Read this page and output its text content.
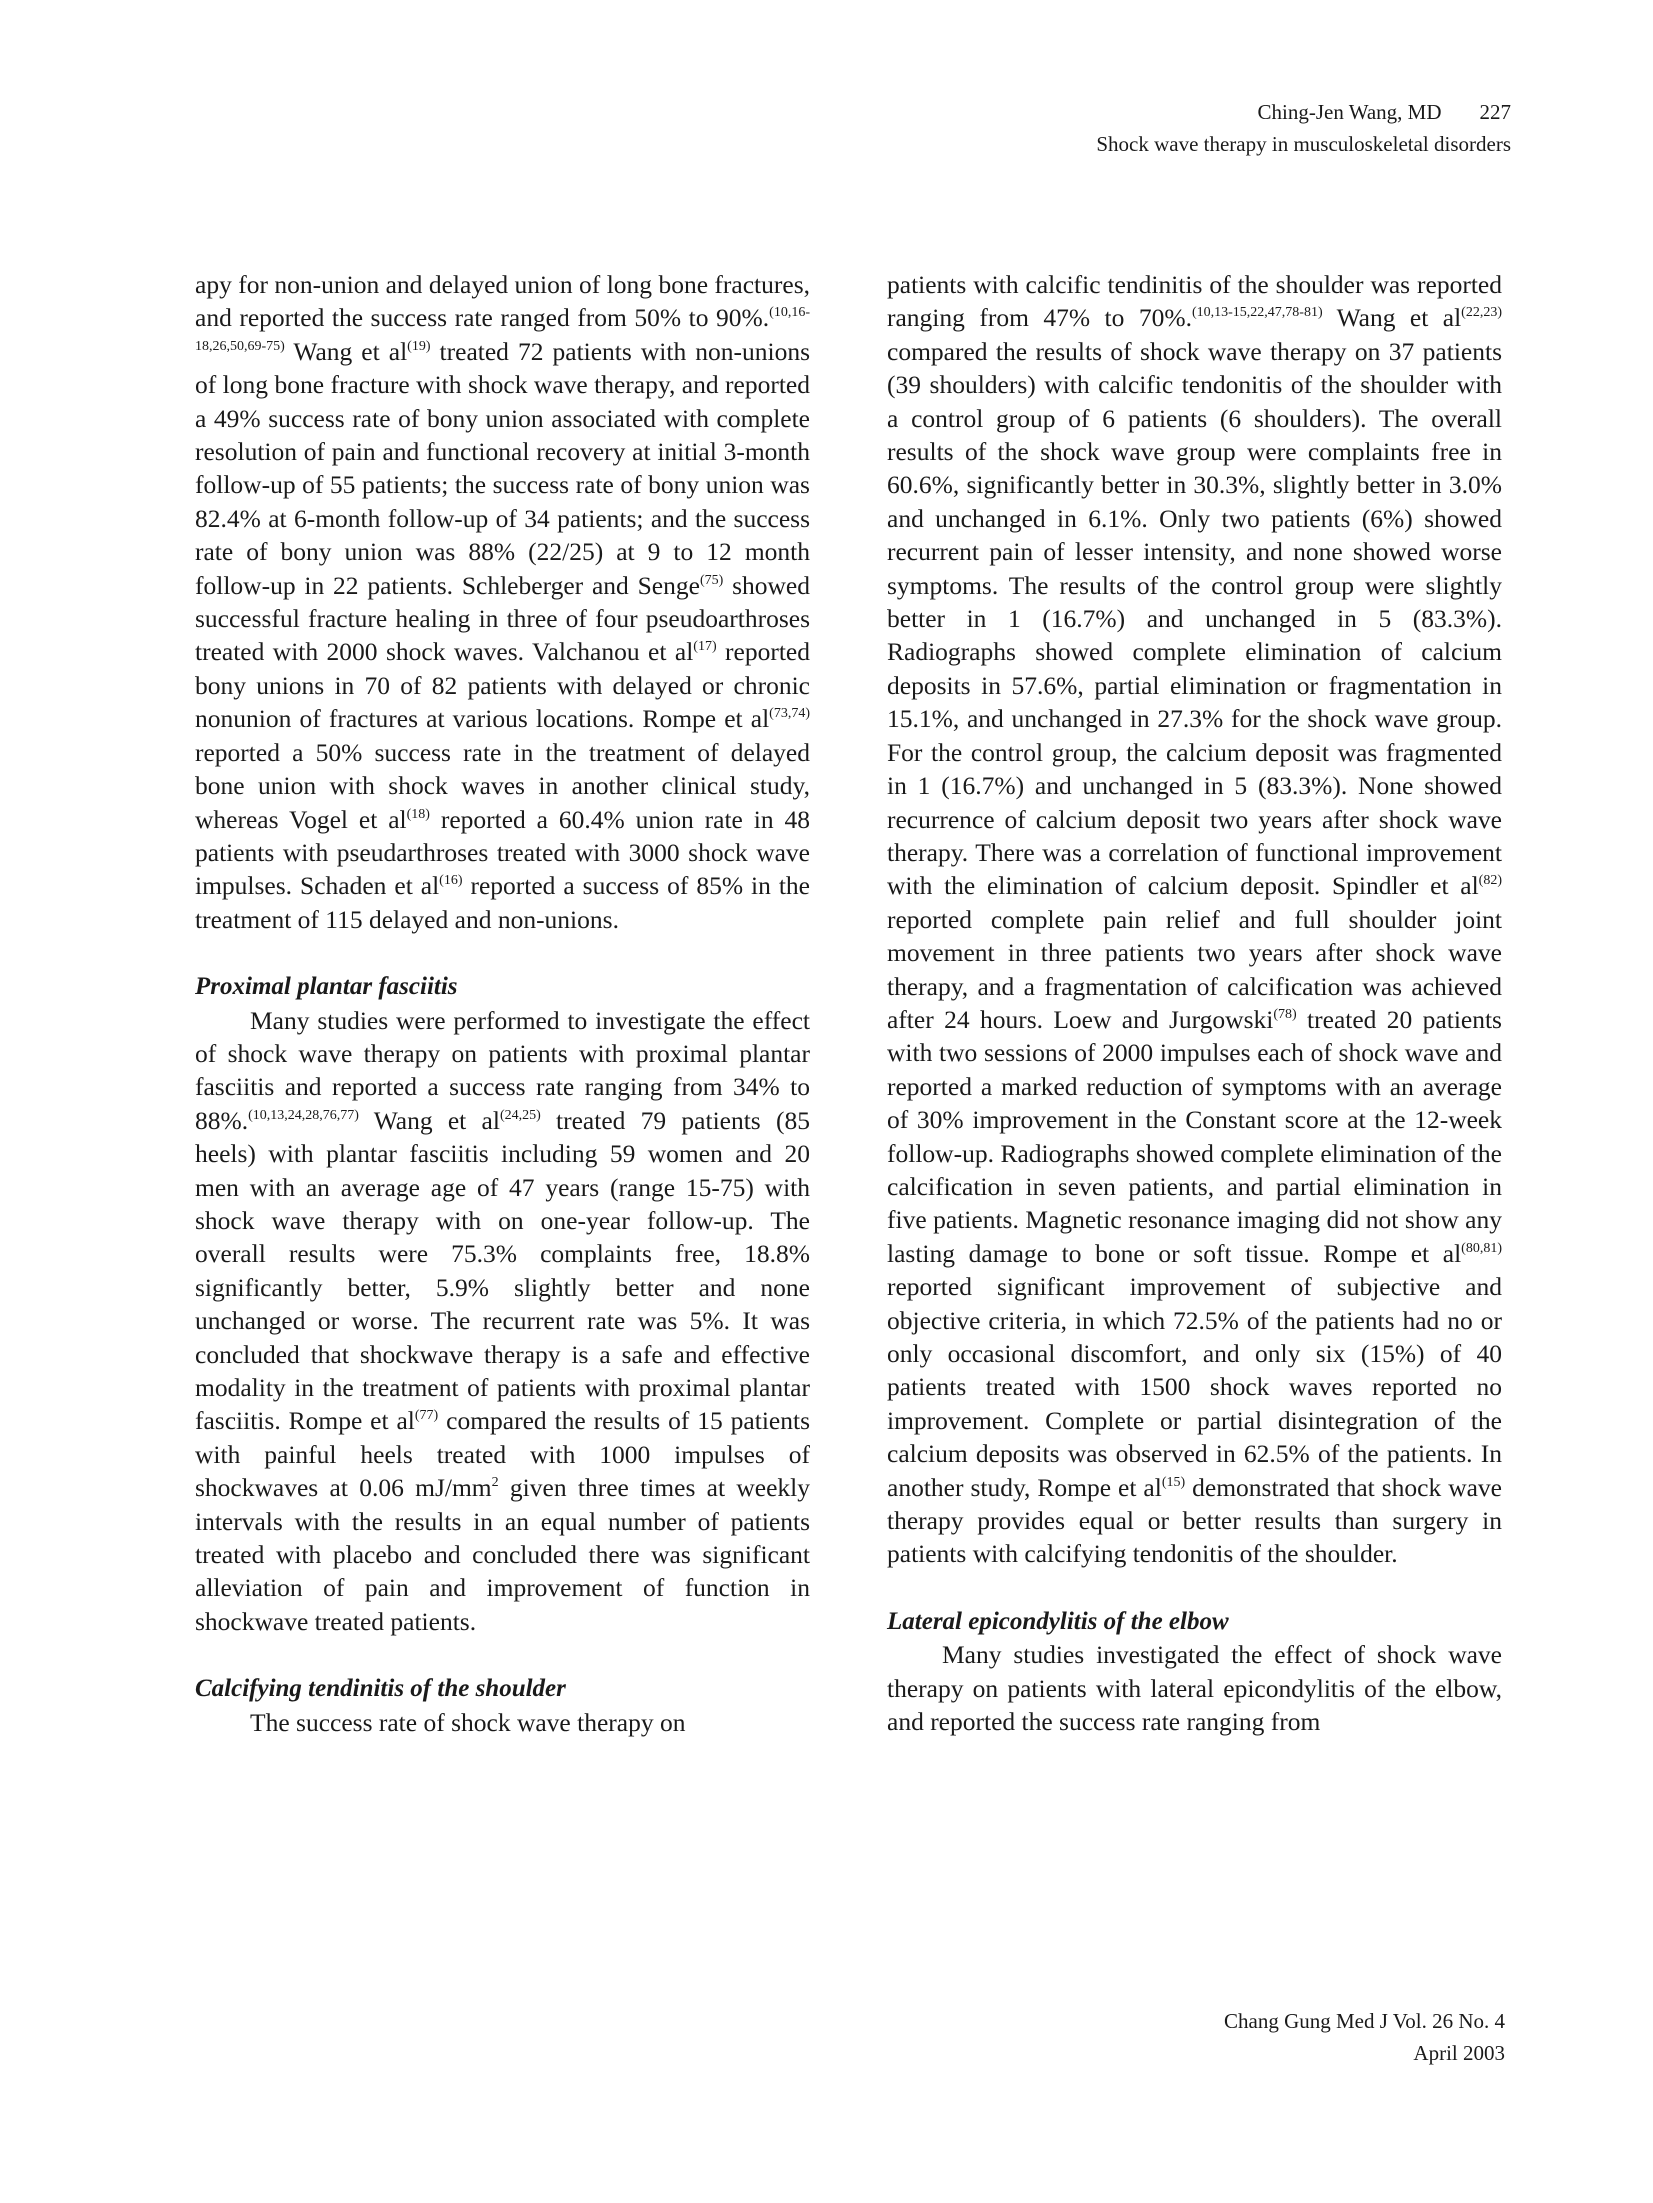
Ching-Jen Wang, MD 227
Shock wave therapy in musculoskeletal disorders

apy for non-union and delayed union of long bone fractures, and reported the success rate ranged from 50% to 90%.$^{(10,16-18,26,50,69-75)}$ Wang et $al^{(19)}$ treated 72 patients with non-unions of long bone fracture with shock wave therapy, and reported a 49% success rate of bony union associated with complete resolution of pain and functional recovery at initial 3-month follow-up of 55 patients; the success rate of bony union was 82.4% at 6-month follow-up of 34 patients; and the success rate of bony union was 88% (22/25) at 9 to 12 month follow-up in 22 patients. Schleberger and Senge$^{(75)}$ showed successful fracture healing in three of four pseudoarthroses treated with 2000 shock waves. Valchanou et $al^{(17)}$ reported bony unions in 70 of 82 patients with delayed or chronic nonunion of fractures at various locations. Rompe et al$^{(73,74)}$ reported a 50% success rate in the treatment of delayed bone union with shock waves in another clinical study, whereas Vogel et $al^{(18)}$ reported a 60.4% union rate in 48 patients with pseudarthroses treated with 3000 shock wave impulses. Schaden et $al^{(16)}$ reported a success of 85% in the treatment of 115 delayed and non-unions.

Proximal plantar fasciitis

Many studies were performed to investigate the effect of shock wave therapy on patients with proximal plantar fasciitis and reported a success rate ranging from 34% to 88%.$^{(10,13,24,28,76,77)}$ Wang et al$^{(24,25)}$ treated 79 patients (85 heels) with plantar fasciitis including 59 women and 20 men with an average age of 47 years (range 15-75) with shock wave therapy with on one-year follow-up. The overall results were 75.3% complaints free, 18.8% significantly better, 5.9% slightly better and none unchanged or worse. The recurrent rate was 5%. It was concluded that shockwave therapy is a safe and effective modality in the treatment of patients with proximal plantar fasciitis. Rompe et $al^{(77)}$ compared the results of 15 patients with painful heels treated with 1000 impulses of shockwaves at 0.06 $mJ/mm^2$ given three times at weekly intervals with the results in an equal number of patients treated with placebo and concluded there was significant alleviation of pain and improvement of function in shockwave treated patients.

Calcifying tendinitis of the shoulder

The success rate of shock wave therapy on

patients with calcific tendinitis of the shoulder was reported ranging from 47% to 70%.$^{(10,13-15,22,47,78-81)}$ Wang et al$^{(22,23)}$ compared the results of shock wave therapy on 37 patients (39 shoulders) with calcific tendonitis of the shoulder with a control group of 6 patients (6 shoulders). The overall results of the shock wave group were complaints free in 60.6%, significantly better in 30.3%, slightly better in 3.0% and unchanged in 6.1%. Only two patients (6%) showed recurrent pain of lesser intensity, and none showed worse symptoms. The results of the control group were slightly better in 1 (16.7%) and unchanged in 5 (83.3%). Radiographs showed complete elimination of calcium deposits in 57.6%, partial elimination or fragmentation in 15.1%, and unchanged in 27.3% for the shock wave group. For the control group, the calcium deposit was fragmented in 1 (16.7%) and unchanged in 5 (83.3%). None showed recurrence of calcium deposit two years after shock wave therapy. There was a correlation of functional improvement with the elimination of calcium deposit. Spindler et $al^{(82)}$ reported complete pain relief and full shoulder joint movement in three patients two years after shock wave therapy, and a fragmentation of calcification was achieved after 24 hours. Loew and Jurgowski$^{(78)}$ treated 20 patients with two sessions of 2000 impulses each of shock wave and reported a marked reduction of symptoms with an average of 30% improvement in the Constant score at the 12-week follow-up. Radiographs showed complete elimination of the calcification in seven patients, and partial elimination in five patients. Magnetic resonance imaging did not show any lasting damage to bone or soft tissue. Rompe et al$^{(80,81)}$ reported significant improvement of subjective and objective criteria, in which 72.5% of the patients had no or only occasional discomfort, and only six (15%) of 40 patients treated with 1500 shock waves reported no improvement. Complete or partial disintegration of the calcium deposits was observed in 62.5% of the patients. In another study, Rompe et $al^{(15)}$ demonstrated that shock wave therapy provides equal or better results than surgery in patients with calcifying tendonitis of the shoulder.

Lateral epicondylitis of the elbow

Many studies investigated the effect of shock wave therapy on patients with lateral epicondylitis of the elbow, and reported the success rate ranging from

Chang Gung Med J Vol. 26 No. 4
April 2003
